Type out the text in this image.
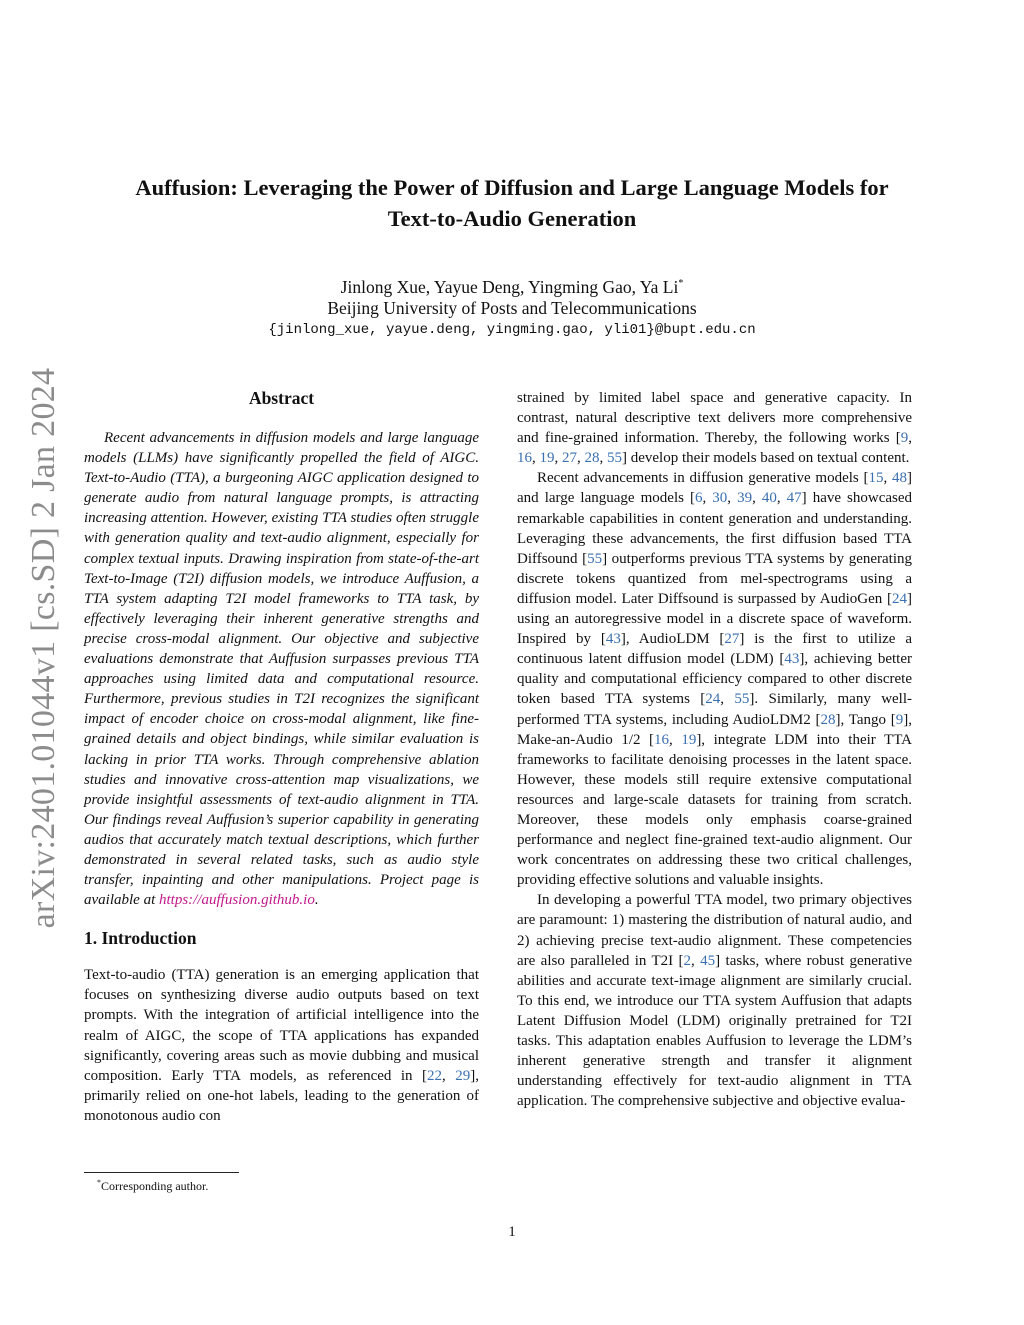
arXiv:2401.01044v1 [cs.SD] 2 Jan 2024
Auffusion: Leveraging the Power of Diffusion and Large Language Models for
Text-to-Audio Generation
Jinlong Xue, Yayue Deng, Yingming Gao, Ya Li*
Beijing University of Posts and Telecommunications
{jinlong_xue, yayue.deng, yingming.gao, yli01}@bupt.edu.cn
Abstract

Recent advancements in diffusion models and large language models (LLMs) have significantly propelled the field of AIGC. Text-to-Audio (TTA), a burgeoning AIGC application designed to generate audio from natural language prompts, is attracting increasing attention. However, existing TTA studies often struggle with generation quality and text-audio alignment, especially for complex textual inputs. Drawing inspiration from state-of-the-art Text-to-Image (T2I) diffusion models, we introduce Auffusion, a TTA system adapting T2I model frameworks to TTA task, by effectively leveraging their inherent generative strengths and precise cross-modal alignment. Our objective and subjective evaluations demonstrate that Auffusion surpasses previous TTA approaches using limited data and computational resource. Furthermore, previous studies in T2I recognizes the significant impact of encoder choice on cross-modal alignment, like fine-grained details and object bindings, while similar evaluation is lacking in prior TTA works. Through comprehensive ablation studies and innovative cross-attention map visualizations, we provide insightful assessments of text-audio alignment in TTA. Our findings reveal Auffusion’s superior capability in generating audios that accurately match textual descriptions, which further demonstrated in several related tasks, such as audio style transfer, inpainting and other manipulations. Project page is available at https://auffusion.github.io.

1. Introduction

Text-to-audio (TTA) generation is an emerging application that focuses on synthesizing diverse audio outputs based on text prompts. With the integration of artificial intelligence into the realm of AIGC, the scope of TTA applications has expanded significantly, covering areas such as movie dubbing and musical composition. Early TTA models, as referenced in [22, 29], primarily relied on one-hot labels, leading to the generation of monotonous audio con

*Corresponding author.

strained by limited label space and generative capacity. In contrast, natural descriptive text delivers more comprehensive and fine-grained information. Thereby, the following works [9, 16, 19, 27, 28, 55] develop their models based on textual content.

Recent advancements in diffusion generative models [15, 48] and large language models [6, 30, 39, 40, 47] have showcased remarkable capabilities in content generation and understanding. Leveraging these advancements, the first diffusion based TTA Diffsound [55] outperforms previous TTA systems by generating discrete tokens quantized from mel-spectrograms using a diffusion model. Later Diffsound is surpassed by AudioGen [24] using an autoregressive model in a discrete space of waveform. Inspired by [43], AudioLDM [27] is the first to utilize a continuous latent diffusion model (LDM) [43], achieving better quality and computational efficiency compared to other discrete token based TTA systems [24, 55]. Similarly, many well-performed TTA systems, including AudioLDM2 [28], Tango [9], Make-an-Audio 1/2 [16, 19], integrate LDM into their TTA frameworks to facilitate denoising processes in the latent space. However, these models still require extensive computational resources and large-scale datasets for training from scratch. Moreover, these models only emphasis coarse-grained performance and neglect fine-grained text-audio alignment. Our work concentrates on addressing these two critical challenges, providing effective solutions and valuable insights.

In developing a powerful TTA model, two primary objectives are paramount: 1) mastering the distribution of natural audio, and 2) achieving precise text-audio alignment. These competencies are also paralleled in T2I [2, 45] tasks, where robust generative abilities and accurate text-image alignment are similarly crucial. To this end, we introduce our TTA system Auffusion that adapts Latent Diffusion Model (LDM) originally pretrained for T2I tasks. This adaptation enables Auffusion to leverage the LDM’s inherent generative strength and transfer it alignment understanding effectively for text-audio alignment in TTA application. The comprehensive subjective and objective evalua-

1
